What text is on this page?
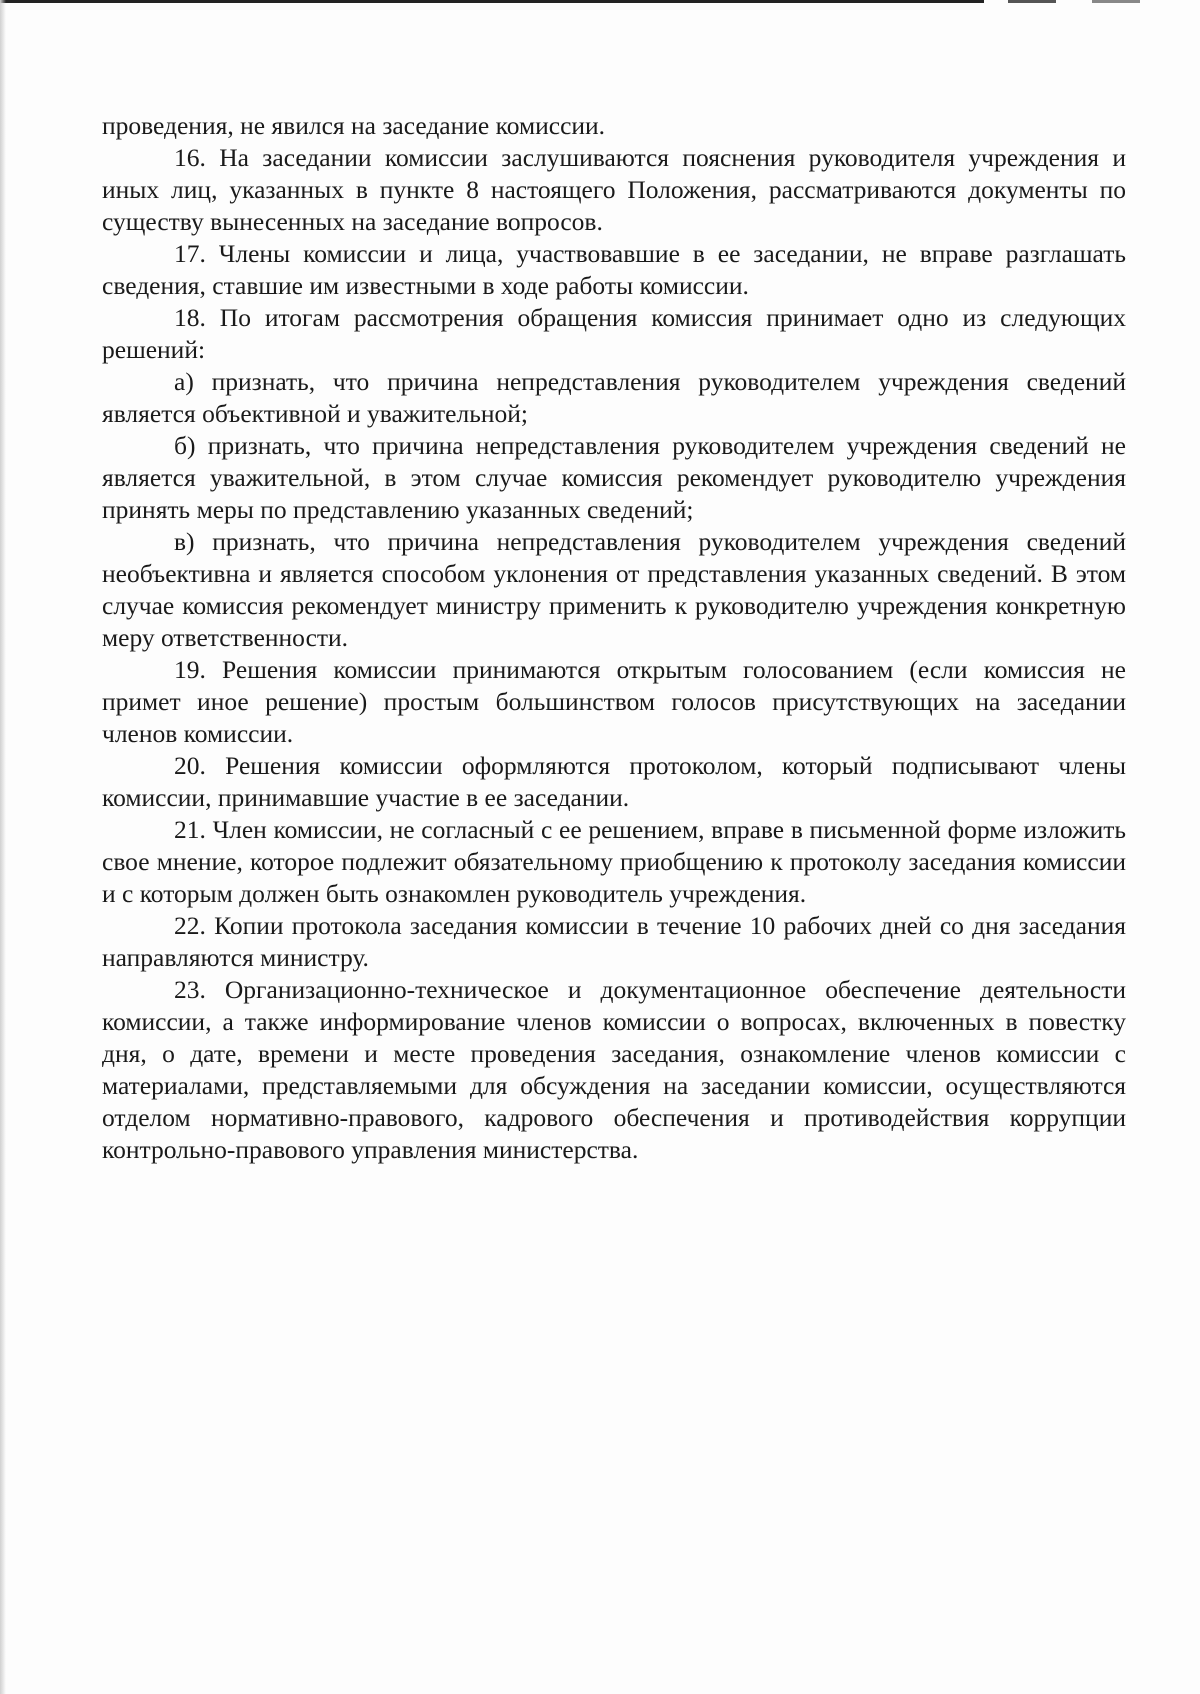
проведения, не явился на заседание комиссии.

16. На заседании комиссии заслушиваются пояснения руководителя учреждения и иных лиц, указанных в пункте 8 настоящего Положения, рассматриваются документы по существу вынесенных на заседание вопросов.

17. Члены комиссии и лица, участвовавшие в ее заседании, не вправе разглашать сведения, ставшие им известными в ходе работы комиссии.

18. По итогам рассмотрения обращения комиссия принимает одно из следующих решений:

а) признать, что причина непредставления руководителем учреждения сведений является объективной и уважительной;

б) признать, что причина непредставления руководителем учреждения сведений не является уважительной, в этом случае комиссия рекомендует руководителю учреждения принять меры по представлению указанных сведений;

в) признать, что причина непредставления руководителем учреждения сведений необъективна и является способом уклонения от представления указанных сведений. В этом случае комиссия рекомендует министру применить к руководителю учреждения конкретную меру ответственности.

19. Решения комиссии принимаются открытым голосованием (если комиссия не примет иное решение) простым большинством голосов присутствующих на заседании членов комиссии.

20. Решения комиссии оформляются протоколом, который подписывают члены комиссии, принимавшие участие в ее заседании.

21. Член комиссии, не согласный с ее решением, вправе в письменной форме изложить свое мнение, которое подлежит обязательному приобщению к протоколу заседания комиссии и с которым должен быть ознакомлен руководитель учреждения.

22. Копии протокола заседания комиссии в течение 10 рабочих дней со дня заседания направляются министру.

23. Организационно-техническое и документационное обеспечение деятельности комиссии, а также информирование членов комиссии о вопросах, включенных в повестку дня, о дате, времени и месте проведения заседания, ознакомление членов комиссии с материалами, представляемыми для обсуждения на заседании комиссии, осуществляются отделом нормативно-правового, кадрового обеспечения и противодействия коррупции контрольно-правового управления министерства.
